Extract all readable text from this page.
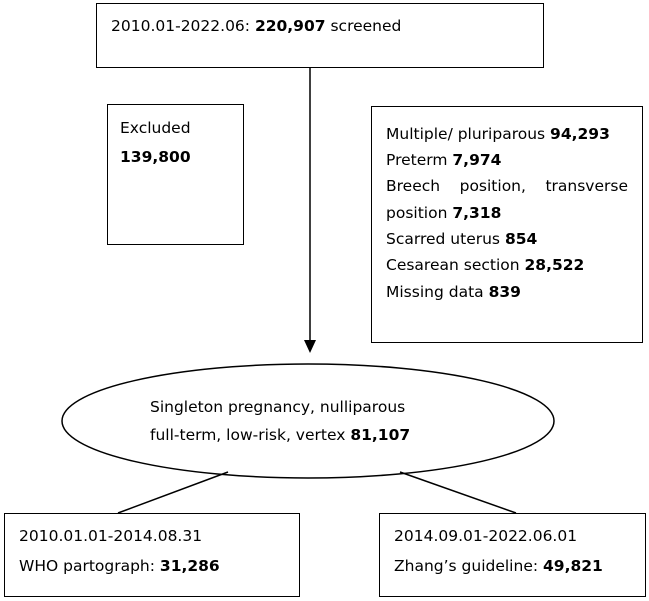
2010.01-2022.06: 220,907 screened
Excluded
139,800
Multiple/ pluriparous 94,293
Preterm 7,974
Breech position, transverse
position 7,318
Scarred uterus 854
Cesarean section 28,522
Missing data 839
Singleton pregnancy, nulliparous
full-term, low-risk, vertex 81,107
2010.01.01-2014.08.31
WHO partograph: 31,286
2014.09.01-2022.06.01
Zhang’s guideline: 49,821
